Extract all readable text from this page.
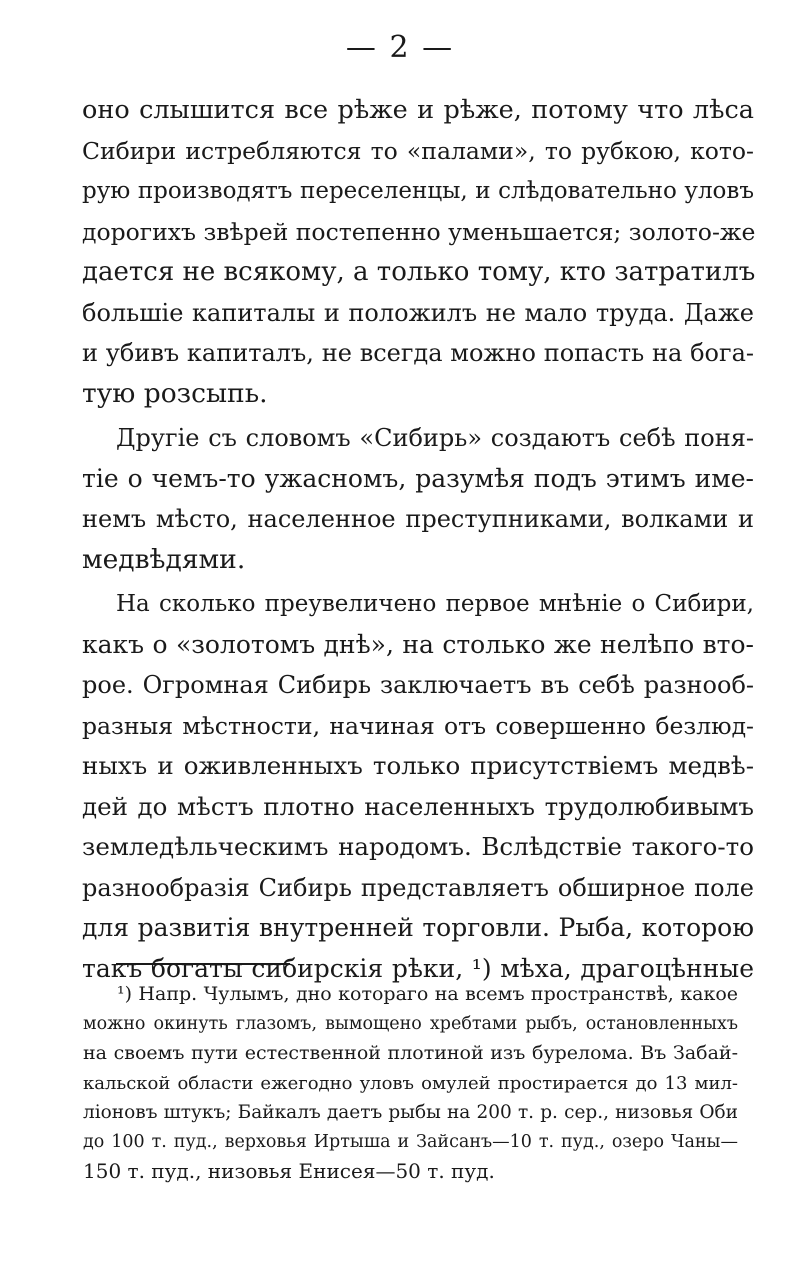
— 2 —
оно слышится все рѣже и рѣже, потому что лѣса
Сибири истребляются то «палами», то рубкою, кото-
рую производятъ переселенцы, и слѣдовательно уловъ
дорогихъ звѣрей постепенно уменьшается; золото-же
дается не всякому, а только тому, кто затратилъ
большіе капиталы и положилъ не мало труда. Даже
и убивъ капиталъ, не всегда можно попасть на бога-
тую розсыпь.
Другіе съ словомъ «Сибирь» создаютъ себѣ поня-
тіе о чемъ-то ужасномъ, разумѣя подъ этимъ име-
немъ мѣсто, населенное преступниками, волками и
медвѣдями.
На сколько преувеличено первое мнѣніе о Сибири,
какъ о «золотомъ днѣ», на столько же нелѣпо вто-
рое. Огромная Сибирь заключаетъ въ себѣ разнооб-
разныя мѣстности, начиная отъ совершенно безлюд-
ныхъ и оживленныхъ только присутствіемъ медвѣ-
дей до мѣстъ плотно населенныхъ трудолюбивымъ
земледѣльческимъ народомъ. Вслѣдствіе такого-то
разнообразія Сибирь представляетъ обширное поле
для развитія внутренней торговли. Рыба, которою
такъ богаты сибирскія рѣки, ¹) мѣха, драгоцѣнные
¹) Напр. Чулымъ, дно котораго на всемъ пространствѣ, какое
можно окинуть глазомъ, вымощено хребтами рыбъ, остановленныхъ
на своемъ пути естественной плотиной изъ бурелома. Въ Забай-
кальской области ежегодно уловъ омулей простирается до 13 мил-
ліоновъ штукъ; Байкалъ даетъ рыбы на 200 т. р. сер., низовья Оби
до 100 т. пуд., верховья Иртыша и Зайсанъ—10 т. пуд., озеро Чаны—
150 т. пуд., низовья Енисея—50 т. пуд.
